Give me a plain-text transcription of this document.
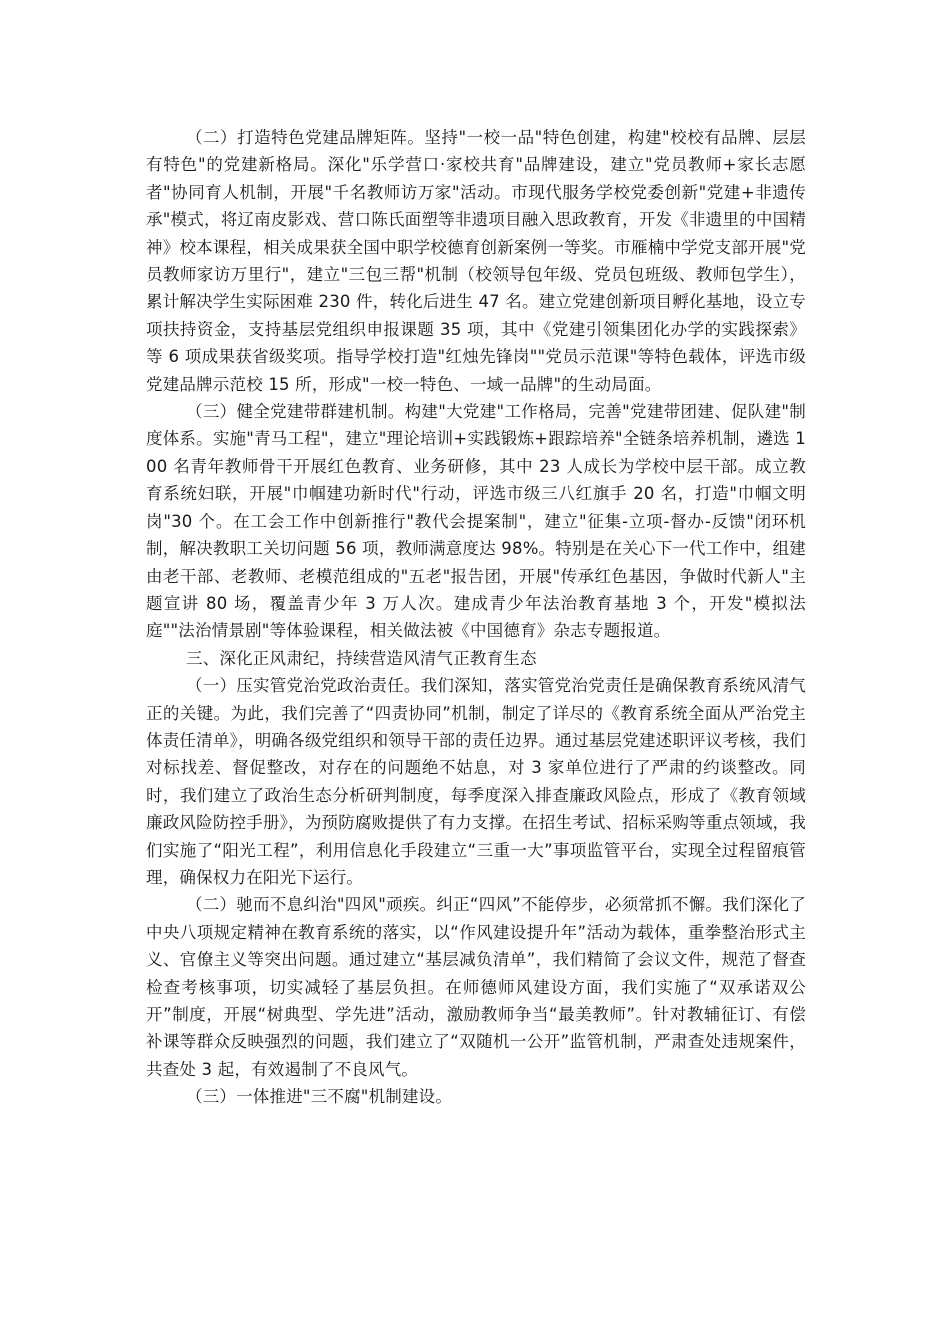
（二）打造特色党建品牌矩阵。坚持"一校一品"特色创建，构建"校校有品牌、层层有特色"的党建新格局。深化"乐学营口·家校共育"品牌建设，建立"党员教师+家长志愿者"协同育人机制，开展"千名教师访万家"活动。市现代服务学校党委创新"党建+非遗传承"模式，将辽南皮影戏、营口陈氏面塑等非遗项目融入思政教育，开发《非遗里的中国精神》校本课程，相关成果获全国中职学校德育创新案例一等奖。市雁楠中学党支部开展"党员教师家访万里行"，建立"三包三帮"机制（校领导包年级、党员包班级、教师包学生），累计解决学生实际困难 230 件，转化后进生 47 名。建立党建创新项目孵化基地，设立专项扶持资金，支持基层党组织申报课题 35 项，其中《党建引领集团化办学的实践探索》等 6 项成果获省级奖项。指导学校打造"红烛先锋岗""党员示范课"等特色载体，评选市级党建品牌示范校 15 所，形成"一校一特色、一域一品牌"的生动局面。

（三）健全党建带群建机制。构建"大党建"工作格局，完善"党建带团建、促队建"制度体系。实施"青马工程"，建立"理论培训+实践锻炼+跟踪培养"全链条培养机制，遴选 100 名青年教师骨干开展红色教育、业务研修，其中 23 人成长为学校中层干部。成立教育系统妇联，开展"巾帼建功新时代"行动，评选市级三八红旗手 20 名，打造"巾帼文明岗"30 个。在工会工作中创新推行"教代会提案制"，建立"征集-立项-督办-反馈"闭环机制，解决教职工关切问题 56 项，教师满意度达 98%。特别是在关心下一代工作中，组建由老干部、老教师、老模范组成的"五老"报告团，开展"传承红色基因，争做时代新人"主题宣讲 80 场，覆盖青少年 3 万人次。建成青少年法治教育基地 3 个，开发"模拟法庭""法治情景剧"等体验课程，相关做法被《中国德育》杂志专题报道。

三、深化正风肃纪，持续营造风清气正教育生态

（一）压实管党治党政治责任。我们深知，落实管党治党责任是确保教育系统风清气正的关键。为此，我们完善了“四责协同”机制，制定了详尽的《教育系统全面从严治党主体责任清单》，明确各级党组织和领导干部的责任边界。通过基层党建述职评议考核，我们对标找差、督促整改，对存在的问题绝不姑息，对 3 家单位进行了严肃的约谈整改。同时，我们建立了政治生态分析研判制度，每季度深入排查廉政风险点，形成了《教育领域廉政风险防控手册》，为预防腐败提供了有力支撑。在招生考试、招标采购等重点领域，我们实施了“阳光工程”，利用信息化手段建立“三重一大”事项监管平台，实现全过程留痕管理，确保权力在阳光下运行。

（二）驰而不息纠治"四风"顽疾。纠正“四风”不能停步，必须常抓不懈。我们深化了中央八项规定精神在教育系统的落实，以“作风建设提升年”活动为载体，重拳整治形式主义、官僚主义等突出问题。通过建立“基层减负清单”，我们精简了会议文件，规范了督查检查考核事项，切实减轻了基层负担。在师德师风建设方面，我们实施了“双承诺双公开”制度，开展“树典型、学先进”活动，激励教师争当“最美教师”。针对教辅征订、有偿补课等群众反映强烈的问题，我们建立了“双随机一公开”监管机制，严肃查处违规案件，共查处 3 起，有效遏制了不良风气。

（三）一体推进"三不腐"机制建设。
